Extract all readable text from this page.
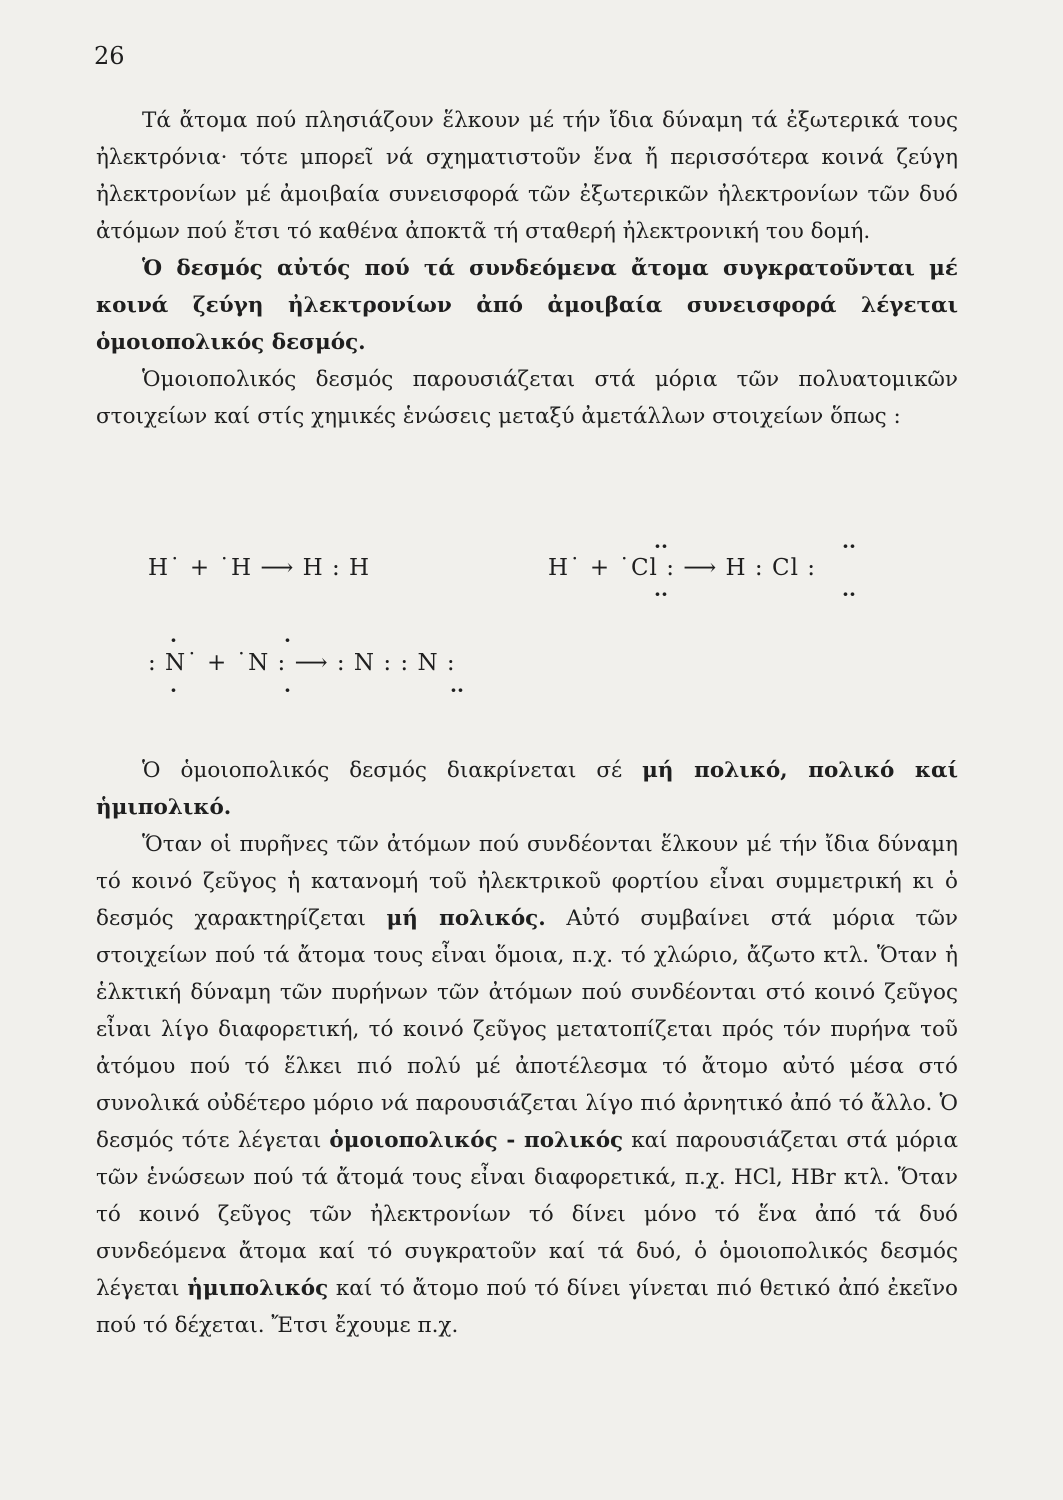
26

Τά ἄτομα πού πλησιάζουν ἕλκουν μέ τήν ἴδια δύναμη τά ἐξωτερικά τους ἠλεκτρόνια· τότε μπορεῖ νά σχηματιστοῦν ἕνα ἤ περισσότερα κοινά ζεύγη ἠλεκτρονίων μέ ἀμοιβαία συνεισφορά τῶν ἐξωτερικῶν ἠλεκτρονίων τῶν δυό ἀτόμων πού ἔτσι τό καθένα ἀποκτᾶ τή σταθερή ἠλεκτρονική του δομή.

Ὁ δεσμός αὐτός πού τά συνδεόμενα ἄτομα συγκρατοῦνται μέ κοινά ζεύγη ἠλεκτρονίων ἀπό ἀμοιβαία συνεισφορά λέγεται ὁμοιοπολικός δεσμός.

Ὁμοιοπολικός δεσμός παρουσιάζεται στά μόρια τῶν πολυατομικῶν στοιχείων καί στίς χημικές ἑνώσεις μεταξύ ἀμετάλλων στοιχείων ὅπως :

H˙ + ˙H ⟶ H : H	H˙ + ˙Cl : ⟶ H : Cl :
··
··
··
··
: N˙ + ˙N : ⟶ : N : : N :
·
·
·
·	··

Ὁ ὁμοιοπολικός δεσμός διακρίνεται σέ μή πολικό, πολικό καί ἡμιπολικό.

Ὅταν οἱ πυρῆνες τῶν ἀτόμων πού συνδέονται ἕλκουν μέ τήν ἴδια δύναμη τό κοινό ζεῦγος ἡ κατανομή τοῦ ἠλεκτρικοῦ φορτίου εἶναι συμμετρική κι ὁ δεσμός χαρακτηρίζεται μή πολικός. Αὐτό συμβαίνει στά μόρια τῶν στοιχείων πού τά ἄτομα τους εἶναι ὅμοια, π.χ. τό χλώριο, ἄζωτο κτλ. Ὅταν ἡ ἑλκτική δύναμη τῶν πυρήνων τῶν ἀτόμων πού συνδέονται στό κοινό ζεῦγος εἶναι λίγο διαφορετική, τό κοινό ζεῦγος μετατοπίζεται πρός τόν πυρήνα τοῦ ἀτόμου πού τό ἕλκει πιό πολύ μέ ἀποτέλεσμα τό ἄτομο αὐτό μέσα στό συνολικά οὐδέτερο μόριο νά παρουσιάζεται λίγο πιό ἀρνητικό ἀπό τό ἄλλο. Ὁ δεσμός τότε λέγεται ὁμοιοπολικός - πολικός καί παρουσιάζεται στά μόρια τῶν ἑνώσεων πού τά ἄτομά τους εἶναι διαφορετικά, π.χ. HCl, HBr κτλ. Ὅταν τό κοινό ζεῦγος τῶν ἠλεκτρονίων τό δίνει μόνο τό ἕνα ἀπό τά δυό συνδεόμενα ἄτομα καί τό συγκρατοῦν καί τά δυό, ὁ ὁμοιοπολικός δεσμός λέγεται ἡμιπολικός καί τό ἄτομο πού τό δίνει γίνεται πιό θετικό ἀπό ἐκεῖνο πού τό δέχεται. Ἔτσι ἔχουμε π.χ.
